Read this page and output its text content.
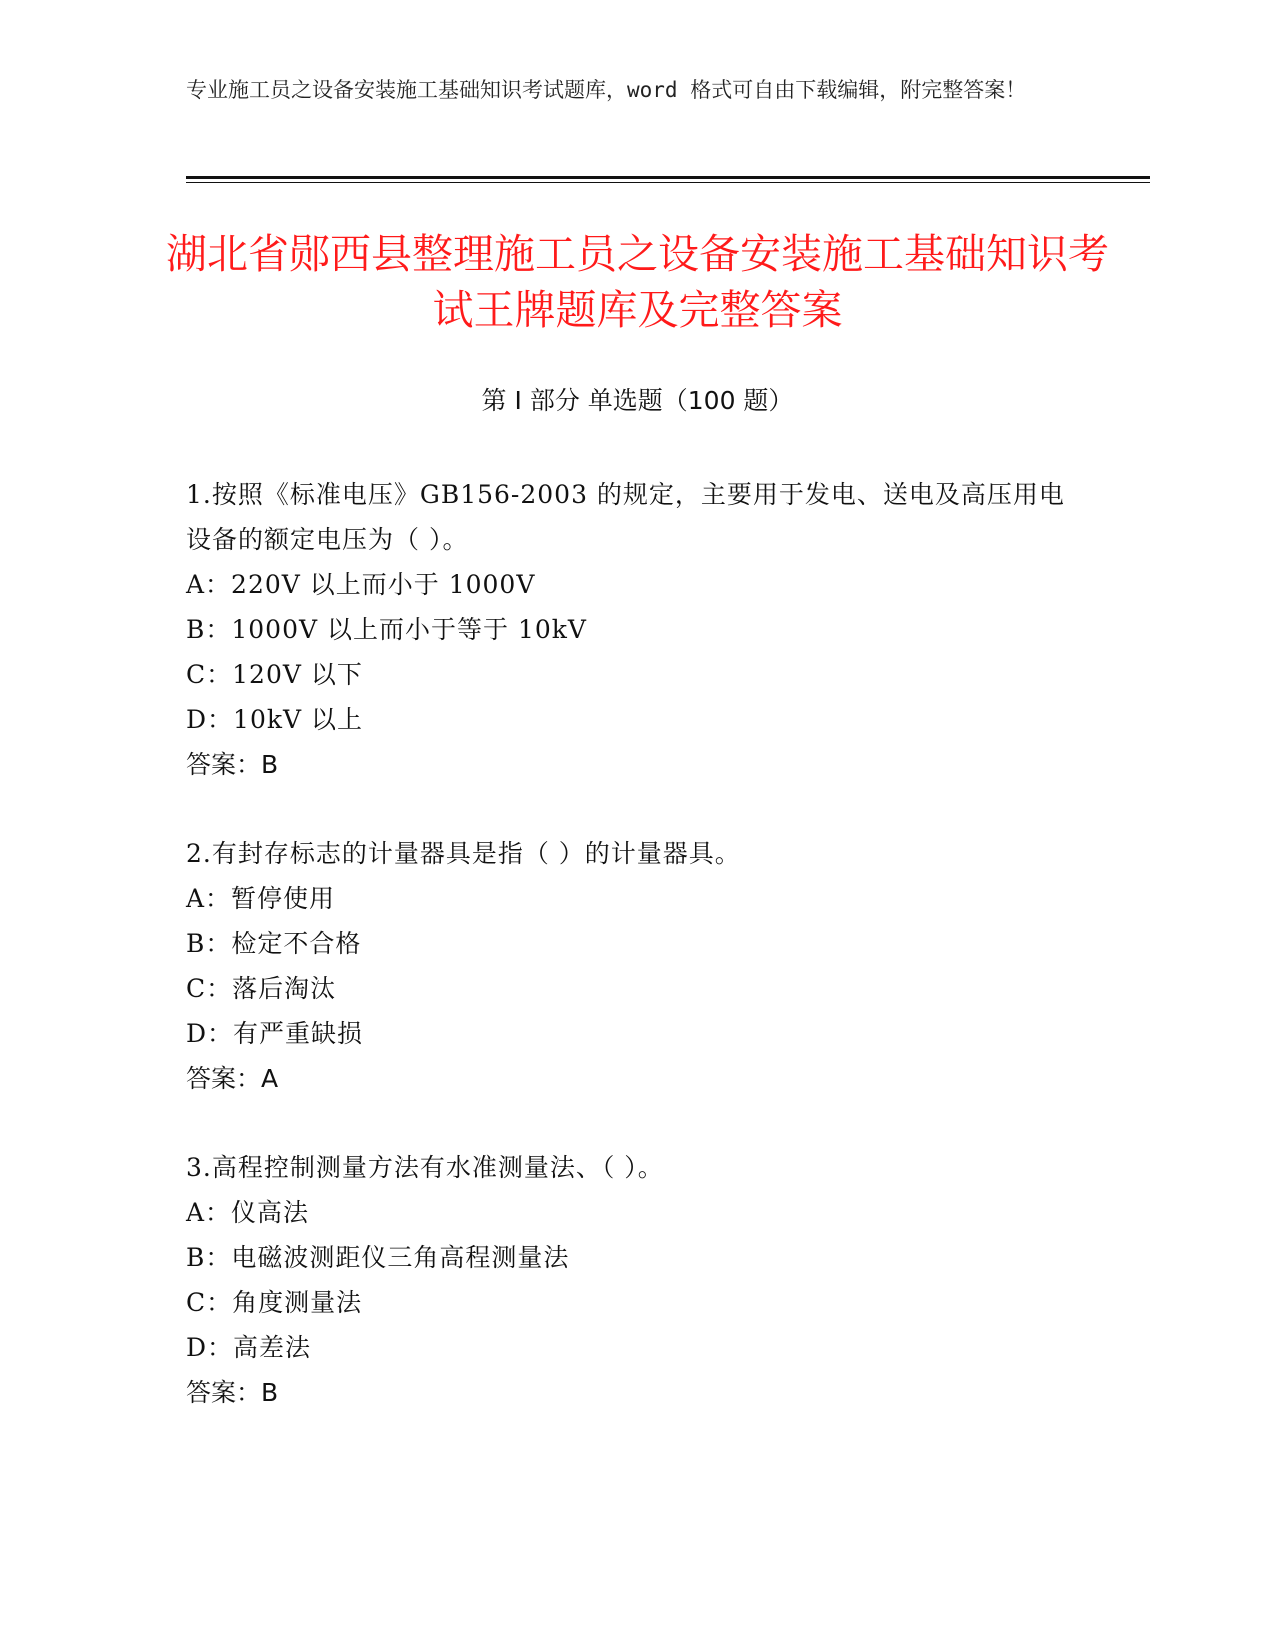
专业施工员之设备安装施工基础知识考试题库，word 格式可自由下载编辑，附完整答案！
湖北省郧西县整理施工员之设备安装施工基础知识考试王牌题库及完整答案
第 I 部分 单选题（100 题）
1.按照《标准电压》GB156-2003 的规定，主要用于发电、送电及高压用电设备的额定电压为（ ）。
A：220V 以上而小于 1000V
B：1000V 以上而小于等于 10kV
C：120V 以下
D：10kV 以上
答案：B
2.有封存标志的计量器具是指（ ）的计量器具。
A：暂停使用
B：检定不合格
C：落后淘汰
D：有严重缺损
答案：A
3.高程控制测量方法有水准测量法、（ ）。
A：仪高法
B：电磁波测距仪三角高程测量法
C：角度测量法
D：高差法
答案：B
